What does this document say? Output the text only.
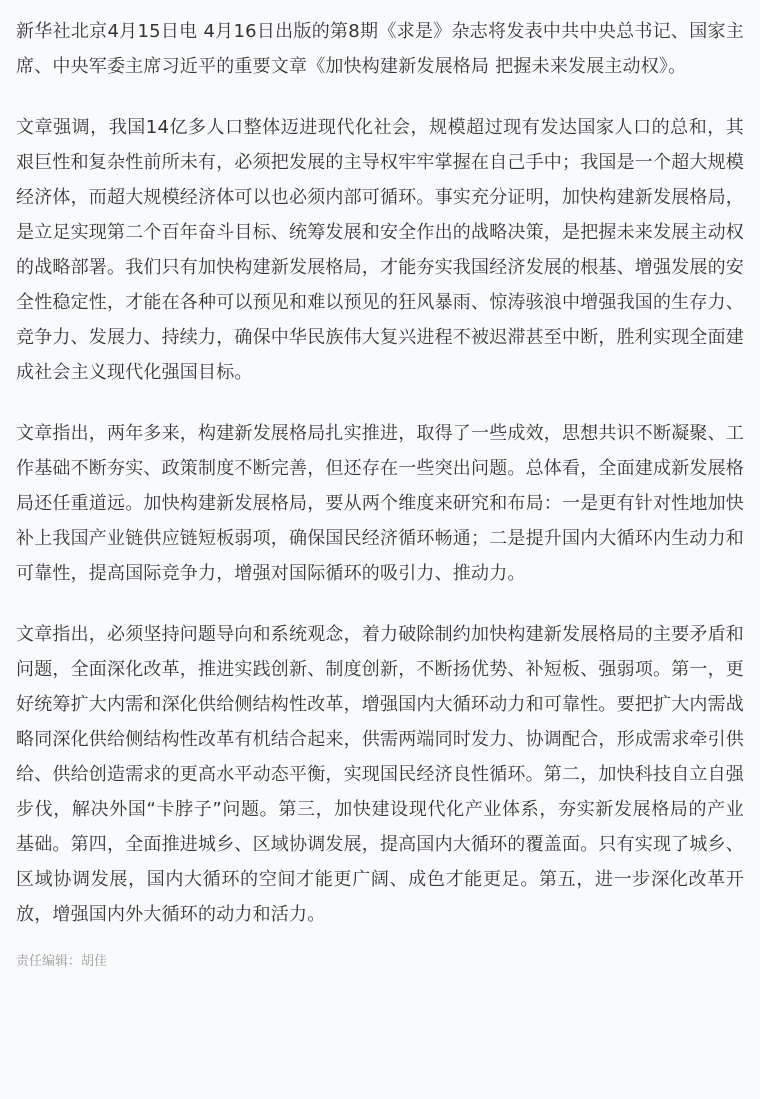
新华社北京4月15日电 4月16日出版的第8期《求是》杂志将发表中共中央总书记、国家主席、中央军委主席习近平的重要文章《加快构建新发展格局 把握未来发展主动权》。

文章强调，我国14亿多人口整体迈进现代化社会，规模超过现有发达国家人口的总和，其艰巨性和复杂性前所未有，必须把发展的主导权牢牢掌握在自己手中；我国是一个超大规模经济体，而超大规模经济体可以也必须内部可循环。事实充分证明，加快构建新发展格局，是立足实现第二个百年奋斗目标、统筹发展和安全作出的战略决策，是把握未来发展主动权的战略部署。我们只有加快构建新发展格局，才能夯实我国经济发展的根基、增强发展的安全性稳定性，才能在各种可以预见和难以预见的狂风暴雨、惊涛骇浪中增强我国的生存力、竞争力、发展力、持续力，确保中华民族伟大复兴进程不被迟滞甚至中断，胜利实现全面建成社会主义现代化强国目标。

文章指出，两年多来，构建新发展格局扎实推进，取得了一些成效，思想共识不断凝聚、工作基础不断夯实、政策制度不断完善，但还存在一些突出问题。总体看，全面建成新发展格局还任重道远。加快构建新发展格局，要从两个维度来研究和布局：一是更有针对性地加快补上我国产业链供应链短板弱项，确保国民经济循环畅通；二是提升国内大循环内生动力和可靠性，提高国际竞争力，增强对国际循环的吸引力、推动力。

文章指出，必须坚持问题导向和系统观念，着力破除制约加快构建新发展格局的主要矛盾和问题，全面深化改革，推进实践创新、制度创新，不断扬优势、补短板、强弱项。第一，更好统筹扩大内需和深化供给侧结构性改革，增强国内大循环动力和可靠性。要把扩大内需战略同深化供给侧结构性改革有机结合起来，供需两端同时发力、协调配合，形成需求牵引供给、供给创造需求的更高水平动态平衡，实现国民经济良性循环。第二，加快科技自立自强步伐，解决外国“卡脖子”问题。第三，加快建设现代化产业体系，夯实新发展格局的产业基础。第四，全面推进城乡、区域协调发展，提高国内大循环的覆盖面。只有实现了城乡、区域协调发展，国内大循环的空间才能更广阔、成色才能更足。第五，进一步深化改革开放，增强国内外大循环的动力和活力。

责任编辑：胡佳
